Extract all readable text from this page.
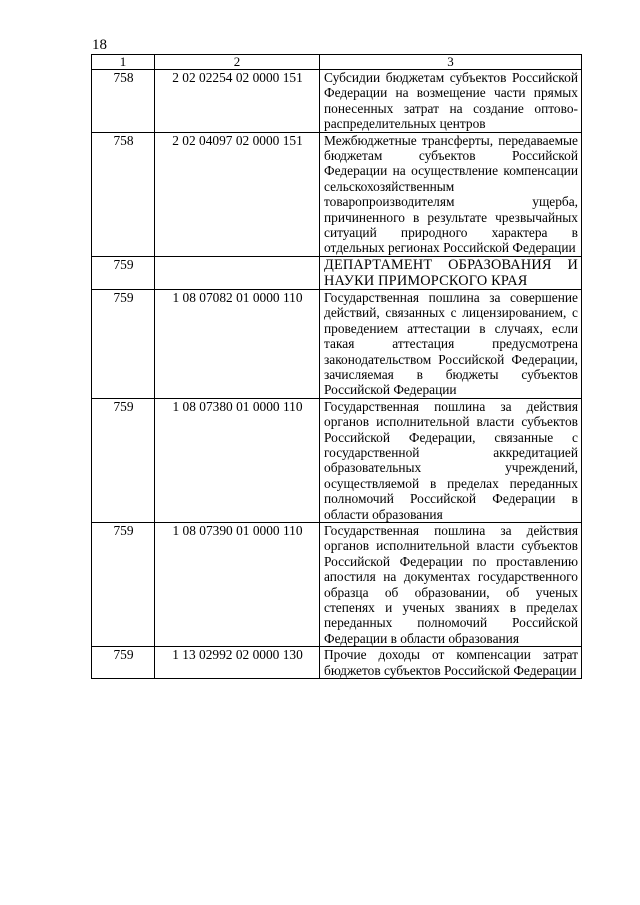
18
1	2	3
758	2 02 02254 02 0000 151	Субсидии бюджетам субъектов Российской Федерации на возмещение части прямых понесенных затрат на создание оптово-распределительных центров
758	2 02 04097 02 0000 151	Межбюджетные трансферты, передаваемые бюджетам субъектов Российской Федерации на осуществление компенсации сельскохозяйственным товаропроизводителям ущерба, причиненного в результате чрезвычайных ситуаций природного характера в отдельных регионах Российской Федерации
759		ДЕПАРТАМЕНТ ОБРАЗОВАНИЯ И НАУКИ ПРИМОРСКОГО КРАЯ
759	1 08 07082 01 0000 110	Государственная пошлина за совершение действий, связанных с лицензированием, с проведением аттестации в случаях, если такая аттестация предусмотрена законодательством Российской Федерации, зачисляемая в бюджеты субъектов Российской Федерации
759	1 08 07380 01 0000 110	Государственная пошлина за действия органов исполнительной власти субъектов Российской Федерации, связанные с государственной аккредитацией образовательных учреждений, осуществляемой в пределах переданных полномочий Российской Федерации в области образования
759	1 08 07390 01 0000 110	Государственная пошлина за действия органов исполнительной власти субъектов Российской Федерации по проставлению апостиля на документах государственного образца об образовании, об ученых степенях и ученых званиях в пределах переданных полномочий Российской Федерации в области образования
759	1 13 02992 02 0000 130	Прочие доходы от компенсации затрат бюджетов субъектов Российской Федерации
